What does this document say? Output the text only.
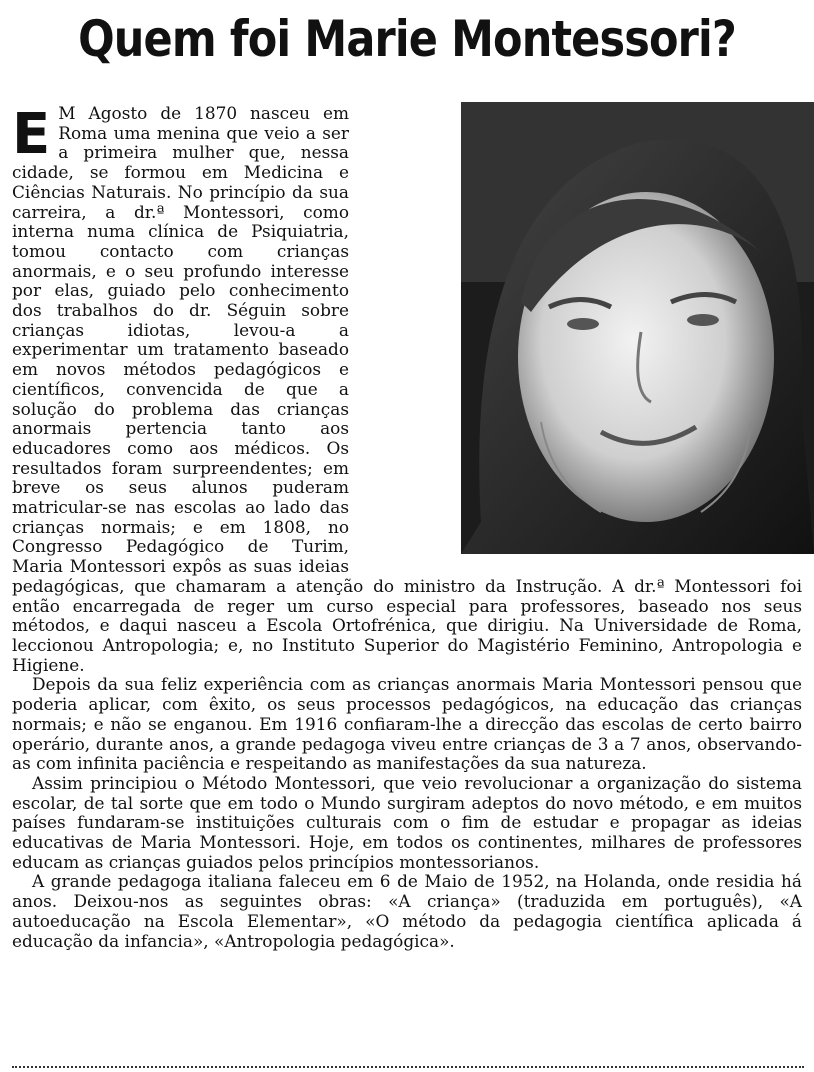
Quem foi Marie Montessori?

E M Agosto de 1870 nasceu em Roma uma menina que veio a ser a primeira mulher que, nessa cidade, se formou em Medicina e Ciências Naturais. No princípio da sua carreira, a dr.ª Montessori, como interna numa clínica de Psiquiatria, tomou contacto com crianças anormais, e o seu profundo interesse por elas, guiado pelo conhecimento dos trabalhos do dr. Séguin sobre crianças idiotas, levou-a a experimentar um tratamento baseado em novos métodos pedagógicos e científicos, convencida de que a solução do problema das crianças anormais pertencia tanto aos educadores como aos médicos. Os resultados foram surpreendentes; em breve os seus alunos puderam matricular-se nas escolas ao lado das crianças normais; e em 1808, no Congresso Pedagógico de Turim, Maria Montessori expôs as suas ideias pedagógicas, que chamaram a atenção do ministro da Instrução. A dr.ª Montessori foi então encarregada de reger um curso especial para professores, baseado nos seus métodos, e daqui nasceu a Escola Ortofrénica, que dirigiu. Na Universidade de Roma, leccionou Antropologia; e, no Instituto Superior do Magistério Feminino, Antropologia e Higiene.

Depois da sua feliz experiência com as crianças anormais Maria Montessori pensou que poderia aplicar, com êxito, os seus processos pedagógicos, na educação das crianças normais; e não se enganou. Em 1916 confiaram-lhe a direcção das escolas de certo bairro operário, durante anos, a grande pedagoga viveu entre crianças de 3 a 7 anos, observando-as com infinita paciência e respeitando as manifestações da sua natureza.

Assim principiou o Método Montessori, que veio revolucionar a organização do sistema escolar, de tal sorte que em todo o Mundo surgiram adeptos do novo método, e em muitos países fundaram-se instituições culturais com o fim de estudar e propagar as ideias educativas de Maria Montessori. Hoje, em todos os continentes, milhares de professores educam as crianças guiados pelos princípios montessorianos.

A grande pedagoga italiana faleceu em 6 de Maio de 1952, na Holanda, onde residia há anos. Deixou-nos as seguintes obras: «A criança» (traduzida em português), «A autoeducação na Escola Elementar», «O método da pedagogia científica aplicada á educação da infancia», «Antropologia pedagógica».
